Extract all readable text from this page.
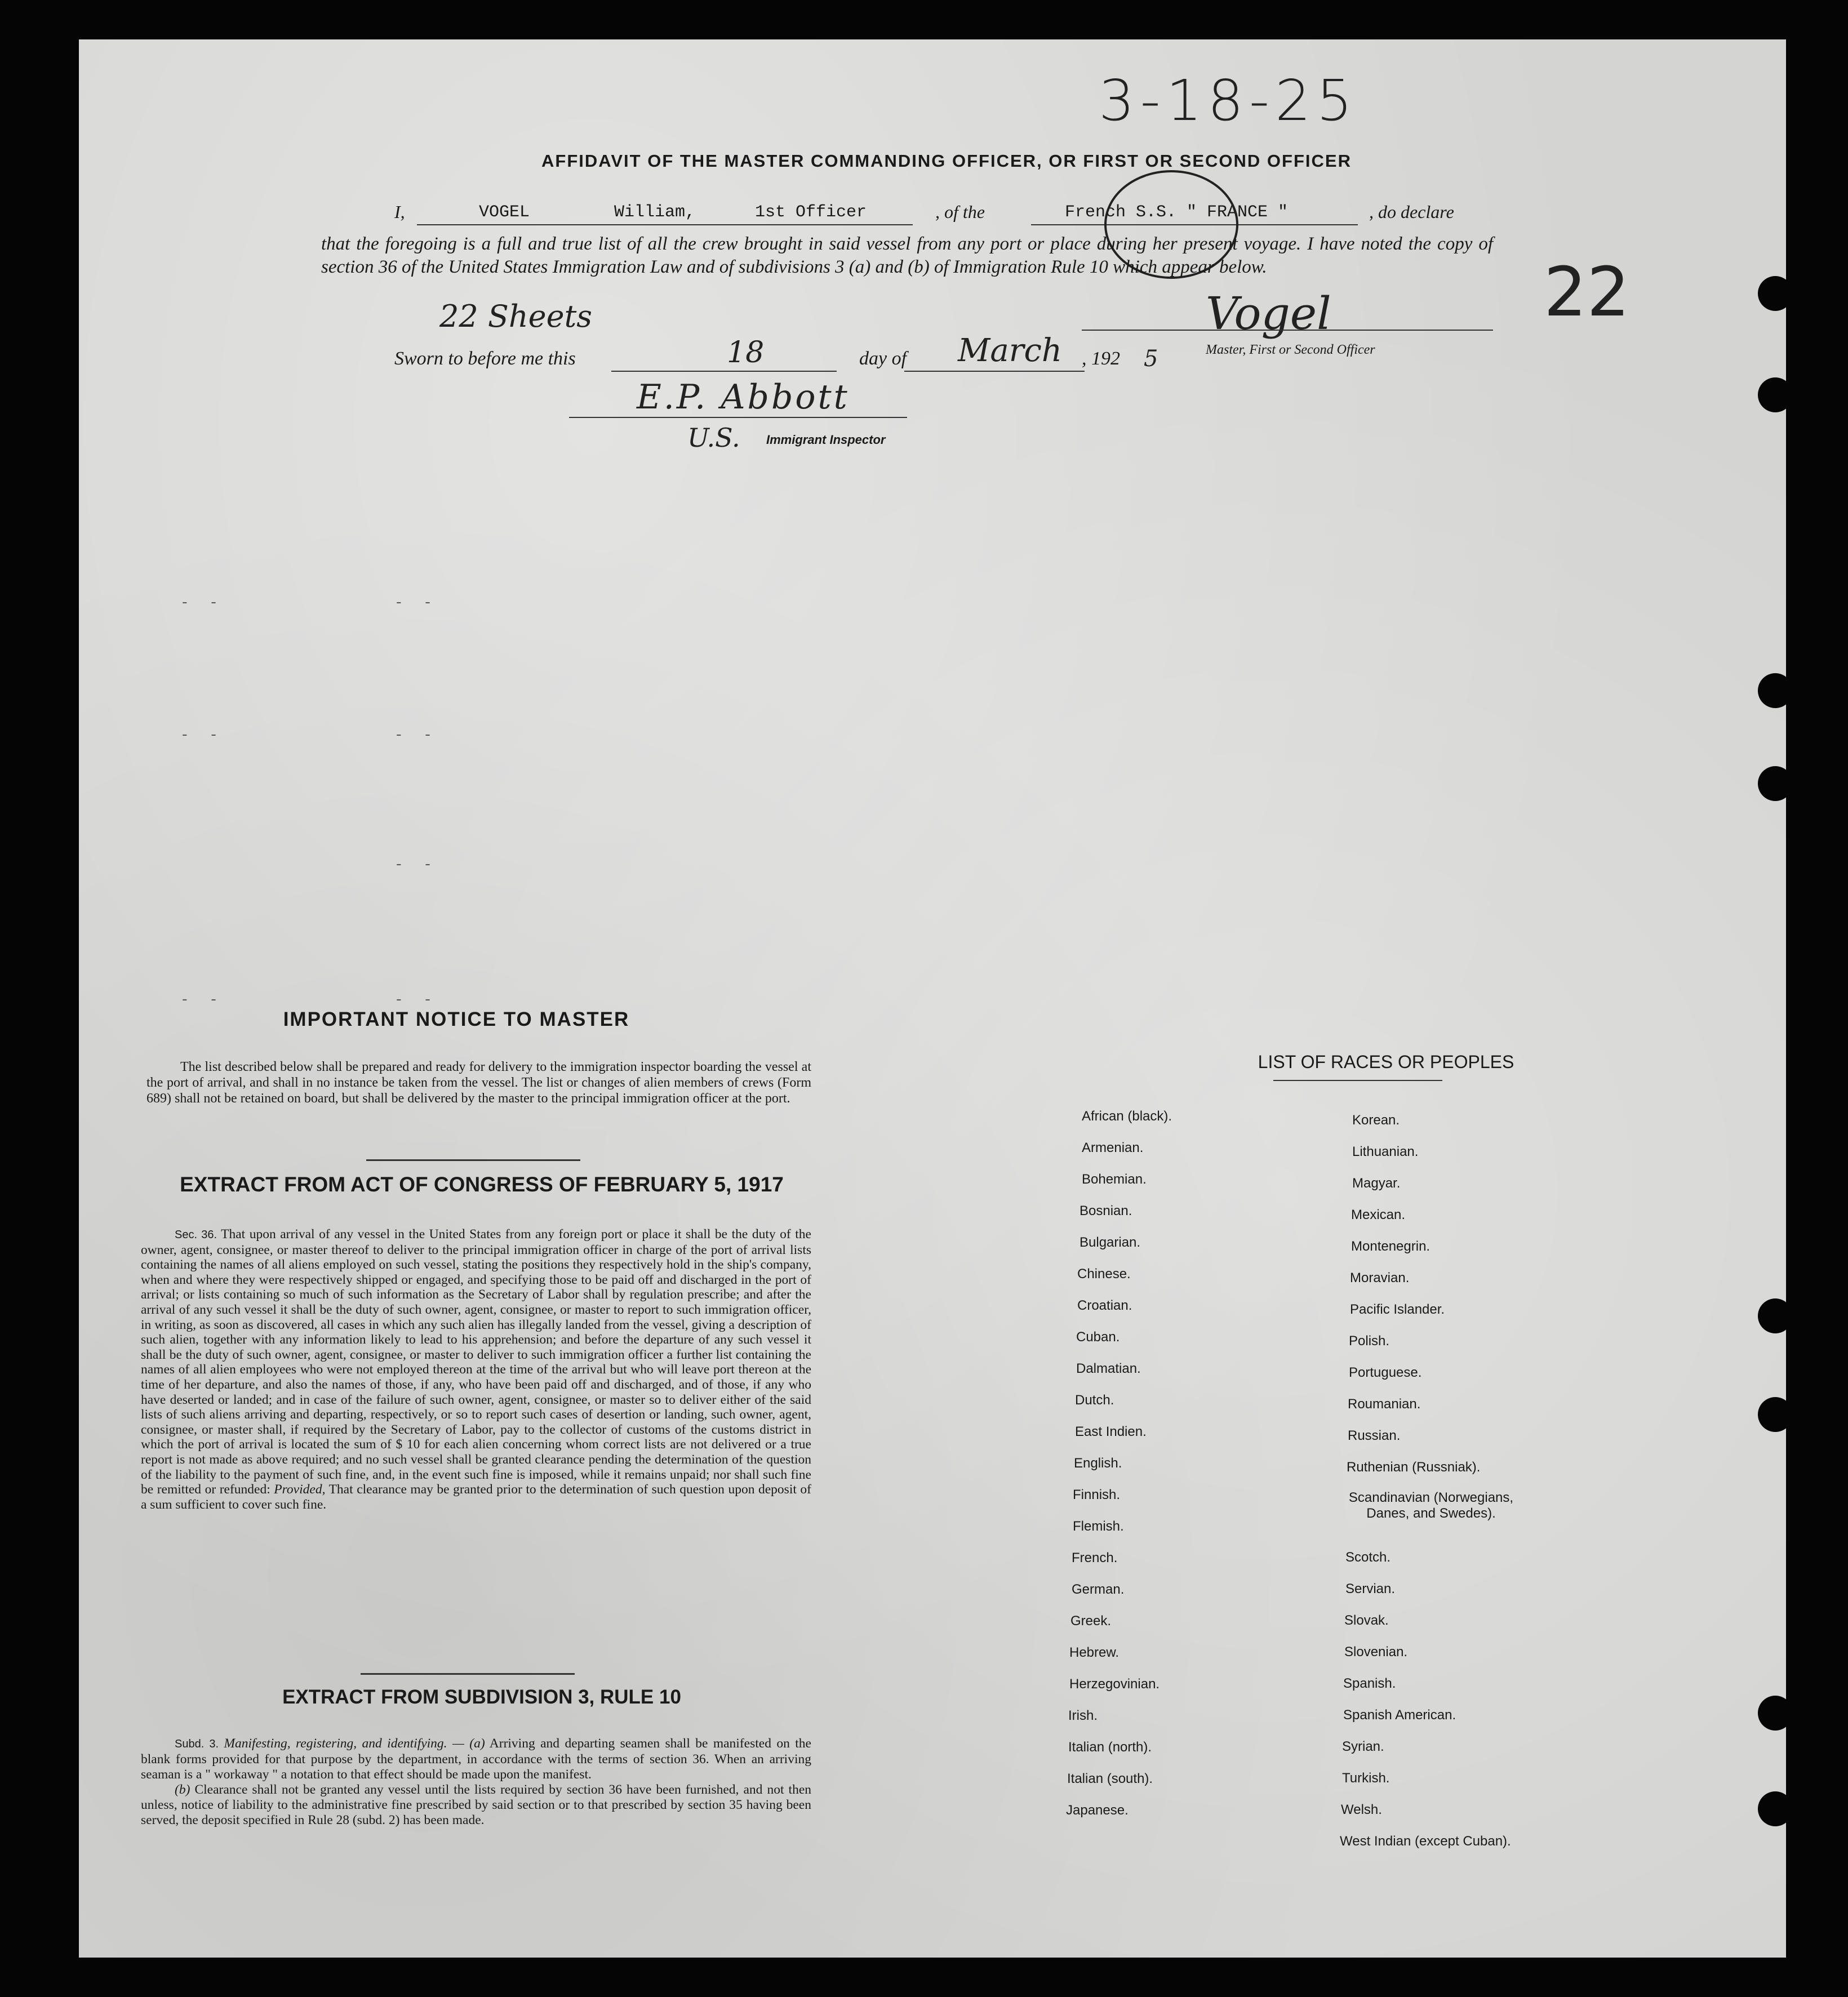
3-18-25
22
AFFIDAVIT OF THE MASTER COMMANDING OFFICER, OR FIRST OR SECOND OFFICER
I,	VOGEL	William,	1st Officer	, of the	French S.S. " FRANCE "	, do declare

that the foregoing is a full and true list of all the crew brought in said vessel from any port or place during her present voyage. I have noted the copy of section 36 of the United States Immigration Law and of subdivisions 3 (a) and (b) of Immigration Rule 10 which appear below.

22 Sheets	Vogel
Master, First or Second Officer
Sworn to before me this	18	day of March , 192 5
E.P. Abbott
U.S. Immigrant Inspector
- -	- -
- -	- -
- -
- -
- -
IMPORTANT NOTICE TO MASTER

The list described below shall be prepared and ready for delivery to the immigration inspector boarding the vessel at the port of arrival, and shall in no instance be taken from the vessel. The list or changes of alien members of crews (Form 689) shall not be retained on board, but shall be delivered by the master to the principal immigration officer at the port.

EXTRACT FROM ACT OF CONGRESS OF FEBRUARY 5, 1917

Sec. 36. That upon arrival of any vessel in the United States from any foreign port or place it shall be the duty of the owner, agent, consignee, or master thereof to deliver to the principal immigration officer in charge of the port of arrival lists containing the names of all aliens employed on such vessel, stating the positions they respectively hold in the ship's company, when and where they were respectively shipped or engaged, and specifying those to be paid off and discharged in the port of arrival; or lists containing so much of such information as the Secretary of Labor shall by regulation prescribe; and after the arrival of any such vessel it shall be the duty of such owner, agent, consignee, or master to report to such immigration officer, in writing, as soon as discovered, all cases in which any such alien has illegally landed from the vessel, giving a description of such alien, together with any information likely to lead to his apprehension; and before the departure of any such vessel it shall be the duty of such owner, agent, consignee, or master to deliver to such immigration officer a further list containing the names of all alien employees who were not employed thereon at the time of the arrival but who will leave port thereon at the time of her departure, and also the names of those, if any, who have been paid off and discharged, and of those, if any who have deserted or landed; and in case of the failure of such owner, agent, consignee, or master so to deliver either of the said lists of such aliens arriving and departing, respectively, or so to report such cases of desertion or landing, such owner, agent, consignee, or master shall, if required by the Secretary of Labor, pay to the collector of customs of the customs district in which the port of arrival is located the sum of $ 10 for each alien concerning whom correct lists are not delivered or a true report is not made as above required; and no such vessel shall be granted clearance pending the determination of the question of the liability to the payment of such fine, and, in the event such fine is imposed, while it remains unpaid; nor shall such fine be remitted or refunded: Provided, That clearance may be granted prior to the determination of such question upon deposit of a sum sufficient to cover such fine.

EXTRACT FROM SUBDIVISION 3, RULE 10

Subd. 3. Manifesting, registering, and identifying. — (a) Arriving and departing seamen shall be manifested on the blank forms provided for that purpose by the department, in accordance with the terms of section 36. When an arriving seaman is a " workaway " a notation to that effect should be made upon the manifest.

(b) Clearance shall not be granted any vessel until the lists required by section 36 have been furnished, and not then unless, notice of liability to the administrative fine prescribed by said section or to that prescribed by section 35 having been served, the deposit specified in Rule 28 (subd. 2) has been made.

LIST OF RACES OR PEOPLES
African (black).
Armenian.
Bohemian.
Bosnian.
Bulgarian.
Chinese.
Croatian.
Cuban.
Dalmatian.
Dutch.
East Indien.
English.
Finnish.
Flemish.
French.
German.
Greek.
Hebrew.
Herzegovinian.
Irish.
Italian (north).
Italian (south).
Japanese.
Korean.
Lithuanian.
Magyar.
Mexican.
Montenegrin.
Moravian.
Pacific Islander.
Polish.
Portuguese.
Roumanian.
Russian.
Ruthenian (Russniak).
Scandinavian (Norwegians, Danes, and Swedes).
Scotch.
Servian.
Slovak.
Slovenian.
Spanish.
Spanish American.
Syrian.
Turkish.
Welsh.
West Indian (except Cuban).
